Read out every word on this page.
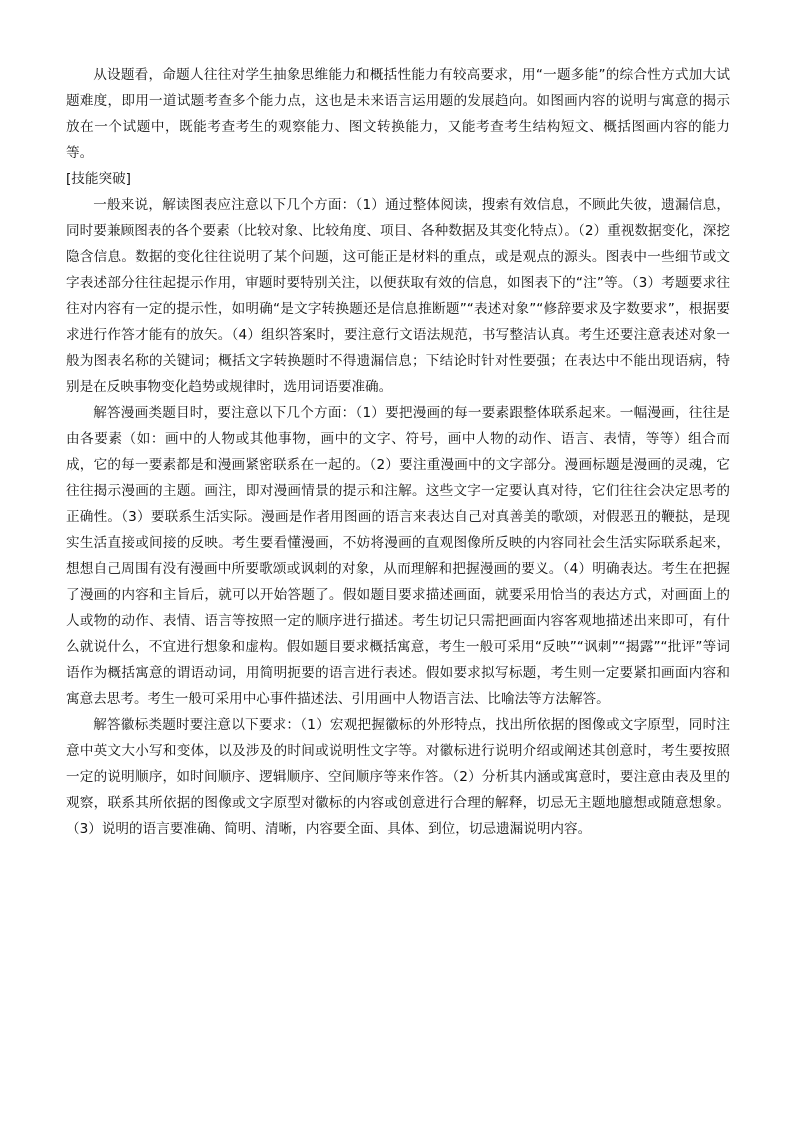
从设题看，命题人往往对学生抽象思维能力和概括性能力有较高要求，用“一题多能”的综合性方式加大试题难度，即用一道试题考查多个能力点，这也是未来语言运用题的发展趋向。如图画内容的说明与寓意的揭示放在一个试题中，既能考查考生的观察能力、图文转换能力，又能考查考生结构短文、概括图画内容的能力等。

[技能突破]

一般来说，解读图表应注意以下几个方面：（1）通过整体阅读，搜索有效信息，不顾此失彼，遗漏信息，同时要兼顾图表的各个要素（比较对象、比较角度、项目、各种数据及其变化特点）。（2）重视数据变化，深挖隐含信息。数据的变化往往说明了某个问题，这可能正是材料的重点，或是观点的源头。图表中一些细节或文字表述部分往往起提示作用，审题时要特别关注，以便获取有效的信息，如图表下的“注”等。（3）考题要求往往对内容有一定的提示性，如明确“是文字转换题还是信息推断题”“表述对象”“修辞要求及字数要求”，根据要求进行作答才能有的放矢。（4）组织答案时，要注意行文语法规范，书写整洁认真。考生还要注意表述对象一般为图表名称的关键词；概括文字转换题时不得遗漏信息；下结论时针对性要强；在表达中不能出现语病，特别是在反映事物变化趋势或规律时，选用词语要准确。

解答漫画类题目时，要注意以下几个方面：（1）要把漫画的每一要素跟整体联系起来。一幅漫画，往往是由各要素（如：画中的人物或其他事物，画中的文字、符号，画中人物的动作、语言、表情，等等）组合而成，它的每一要素都是和漫画紧密联系在一起的。（2）要注重漫画中的文字部分。漫画标题是漫画的灵魂，它往往揭示漫画的主题。画注，即对漫画情景的提示和注解。这些文字一定要认真对待，它们往往会决定思考的正确性。（3）要联系生活实际。漫画是作者用图画的语言来表达自己对真善美的歌颂，对假恶丑的鞭挞，是现实生活直接或间接的反映。考生要看懂漫画，不妨将漫画的直观图像所反映的内容同社会生活实际联系起来，想想自己周围有没有漫画中所要歌颂或讽刺的对象，从而理解和把握漫画的要义。（4）明确表达。考生在把握了漫画的内容和主旨后，就可以开始答题了。假如题目要求描述画面，就要采用恰当的表达方式，对画面上的人或物的动作、表情、语言等按照一定的顺序进行描述。考生切记只需把画面内容客观地描述出来即可，有什么就说什么，不宜进行想象和虚构。假如题目要求概括寓意，考生一般可采用“反映”“讽刺”“揭露”“批评”等词语作为概括寓意的谓语动词，用简明扼要的语言进行表述。假如要求拟写标题，考生则一定要紧扣画面内容和寓意去思考。考生一般可采用中心事件描述法、引用画中人物语言法、比喻法等方法解答。

解答徽标类题时要注意以下要求：（1）宏观把握徽标的外形特点，找出所依据的图像或文字原型，同时注意中英文大小写和变体，以及涉及的时间或说明性文字等。对徽标进行说明介绍或阐述其创意时，考生要按照一定的说明顺序，如时间顺序、逻辑顺序、空间顺序等来作答。（2）分析其内涵或寓意时，要注意由表及里的观察，联系其所依据的图像或文字原型对徽标的内容或创意进行合理的解释，切忌无主题地臆想或随意想象。（3）说明的语言要准确、简明、清晰，内容要全面、具体、到位，切忌遗漏说明内容。
